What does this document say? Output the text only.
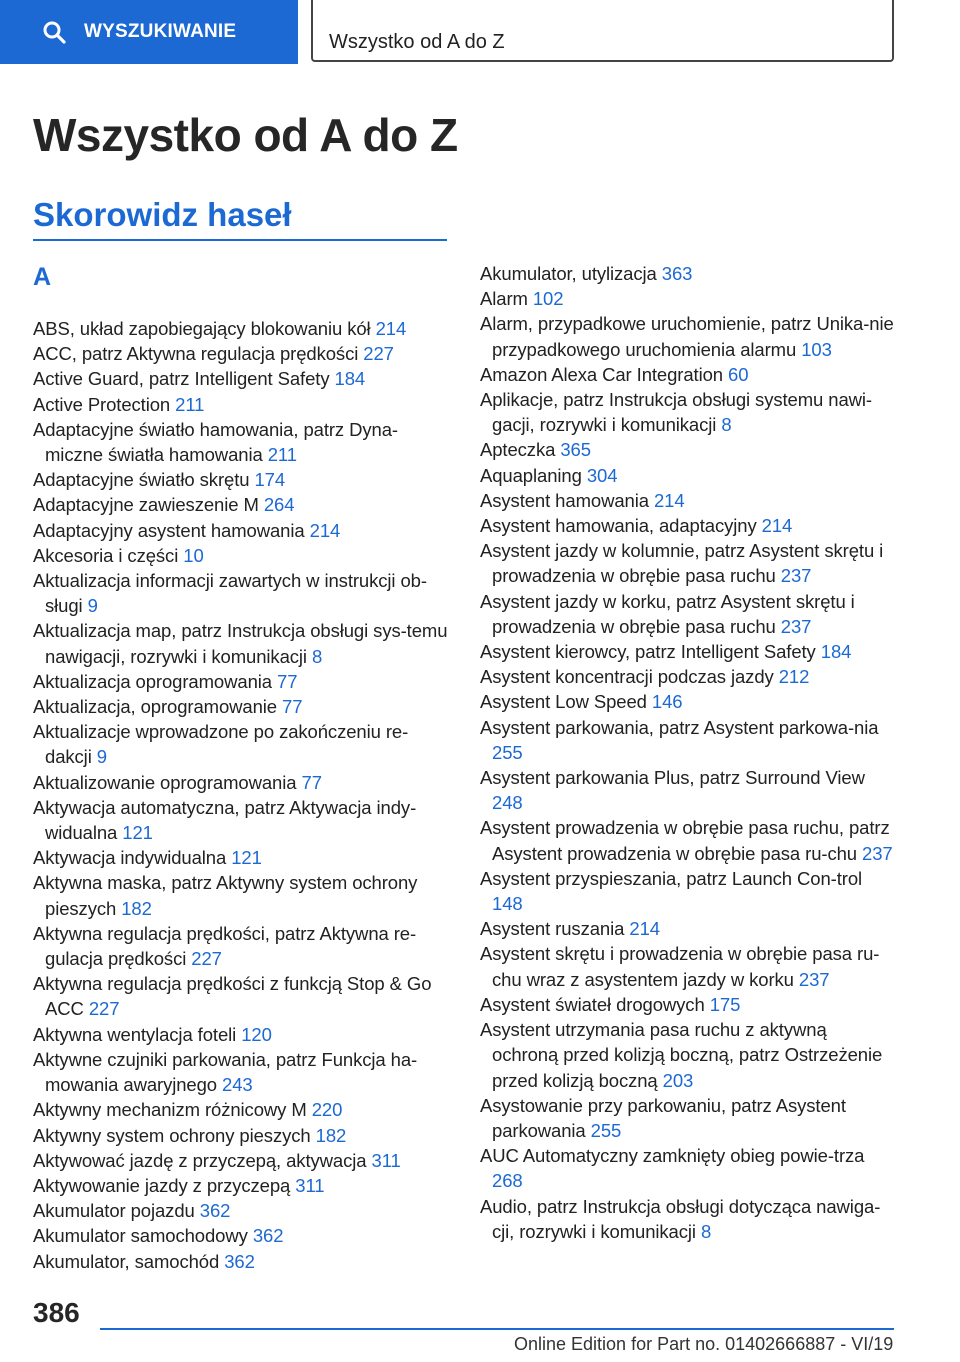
WYSZUKIWANIE	Wszystko od A do Z
Wszystko od A do Z
Skorowidz haseł
A
ABS, układ zapobiegający blokowaniu kół 214
ACC, patrz Aktywna regulacja prędkości 227
Active Guard, patrz Intelligent Safety 184
Active Protection 211
Adaptacyjne światło hamowania, patrz Dyna-miczne światła hamowania 211
Adaptacyjne światło skrętu 174
Adaptacyjne zawieszenie M 264
Adaptacyjny asystent hamowania 214
Akcesoria i części 10
Aktualizacja informacji zawartych w instrukcji ob-sługi 9
Aktualizacja map, patrz Instrukcja obsługi sys-temu nawigacji, rozrywki i komunikacji 8
Aktualizacja oprogramowania 77
Aktualizacja, oprogramowanie 77
Aktualizacje wprowadzone po zakończeniu re-dakcji 9
Aktualizowanie oprogramowania 77
Aktywacja automatyczna, patrz Aktywacja indy-widualna 121
Aktywacja indywidualna 121
Aktywna maska, patrz Aktywny system ochrony pieszych 182
Aktywna regulacja prędkości, patrz Aktywna re-gulacja prędkości 227
Aktywna regulacja prędkości z funkcją Stop & Go ACC 227
Aktywna wentylacja foteli 120
Aktywne czujniki parkowania, patrz Funkcja ha-mowania awaryjnego 243
Aktywny mechanizm różnicowy M 220
Aktywny system ochrony pieszych 182
Aktywować jazdę z przyczepą, aktywacja 311
Aktywowanie jazdy z przyczepą 311
Akumulator pojazdu 362
Akumulator samochodowy 362
Akumulator, samochód 362
Akumulator, utylizacja 363
Alarm 102
Alarm, przypadkowe uruchomienie, patrz Unika-nie przypadkowego uruchomienia alarmu 103
Amazon Alexa Car Integration 60
Aplikacje, patrz Instrukcja obsługi systemu nawi-gacji, rozrywki i komunikacji 8
Apteczka 365
Aquaplaning 304
Asystent hamowania 214
Asystent hamowania, adaptacyjny 214
Asystent jazdy w kolumnie, patrz Asystent skrętu i prowadzenia w obrębie pasa ruchu 237
Asystent jazdy w korku, patrz Asystent skrętu i prowadzenia w obrębie pasa ruchu 237
Asystent kierowcy, patrz Intelligent Safety 184
Asystent koncentracji podczas jazdy 212
Asystent Low Speed 146
Asystent parkowania, patrz Asystent parkowa-nia 255
Asystent parkowania Plus, patrz Surround View 248
Asystent prowadzenia w obrębie pasa ruchu, patrz Asystent prowadzenia w obrębie pasa ru-chu 237
Asystent przyspieszania, patrz Launch Con-trol 148
Asystent ruszania 214
Asystent skrętu i prowadzenia w obrębie pasa ru-chu wraz z asystentem jazdy w korku 237
Asystent świateł drogowych 175
Asystent utrzymania pasa ruchu z aktywną ochroną przed kolizją boczną, patrz Ostrzeżenie przed kolizją boczną 203
Asystowanie przy parkowaniu, patrz Asystent parkowania 255
AUC Automatyczny zamknięty obieg powie-trza 268
Audio, patrz Instrukcja obsługi dotycząca nawiga-cji, rozrywki i komunikacji 8
386
Online Edition for Part no. 01402666887 - VI/19
